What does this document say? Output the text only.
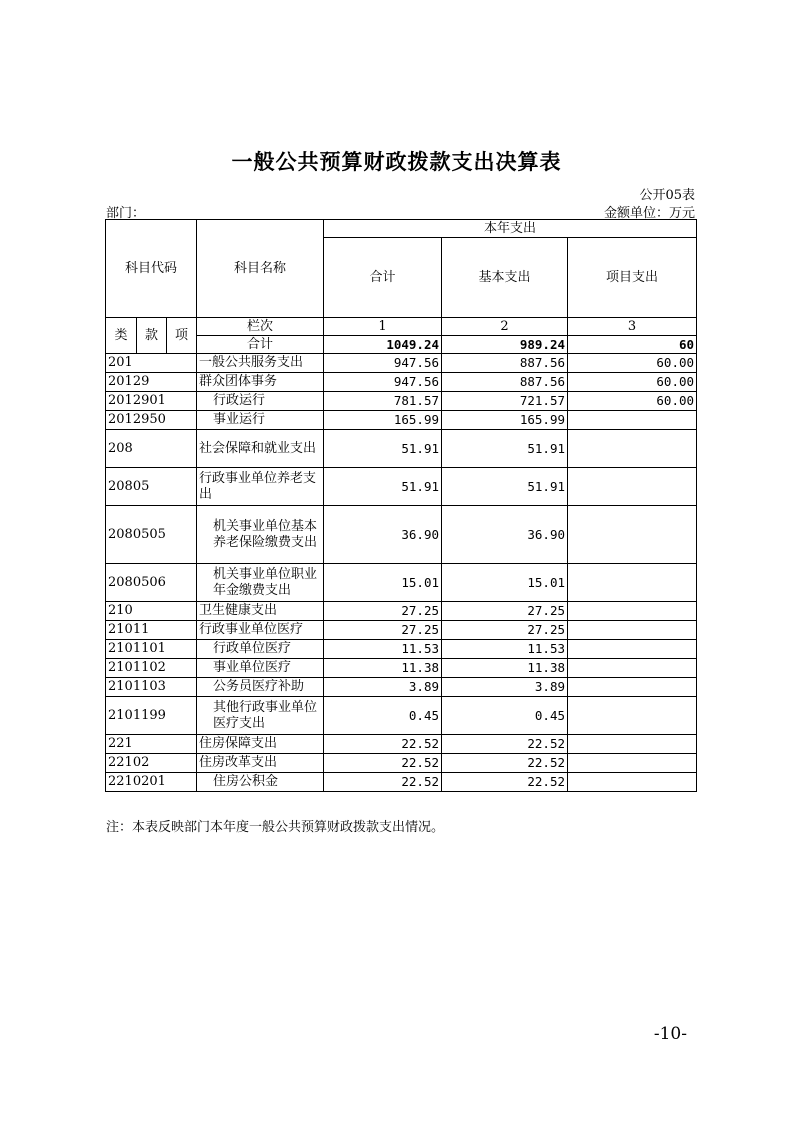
一般公共预算财政拨款支出决算表
公开05表
部门：	金额单位：万元
科目代码			科目名称	本年支出		
				合计	基本支出	项目支出
类	款	项	栏次	1	2	3
			合计	1049.24	989.24	60
201			一般公共服务支出	947.56	887.56	60.00
20129			群众团体事务	947.56	887.56	60.00
2012901			行政运行	781.57	721.57	60.00
2012950			事业运行	165.99	165.99	
208			社会保障和就业支出	51.91	51.91	
20805			行政事业单位养老支出	51.91	51.91	
2080505			机关事业单位基本养老保险缴费支出	36.90	36.90	
2080506			机关事业单位职业年金缴费支出	15.01	15.01	
210			卫生健康支出	27.25	27.25	
21011			行政事业单位医疗	27.25	27.25	
2101101			行政单位医疗	11.53	11.53	
2101102			事业单位医疗	11.38	11.38	
2101103			公务员医疗补助	3.89	3.89	
2101199			其他行政事业单位医疗支出	0.45	0.45	
221			住房保障支出	22.52	22.52	
22102			住房改革支出	22.52	22.52	
2210201			住房公积金	22.52	22.52	
注：本表反映部门本年度一般公共预算财政拨款支出情况。
-10-
